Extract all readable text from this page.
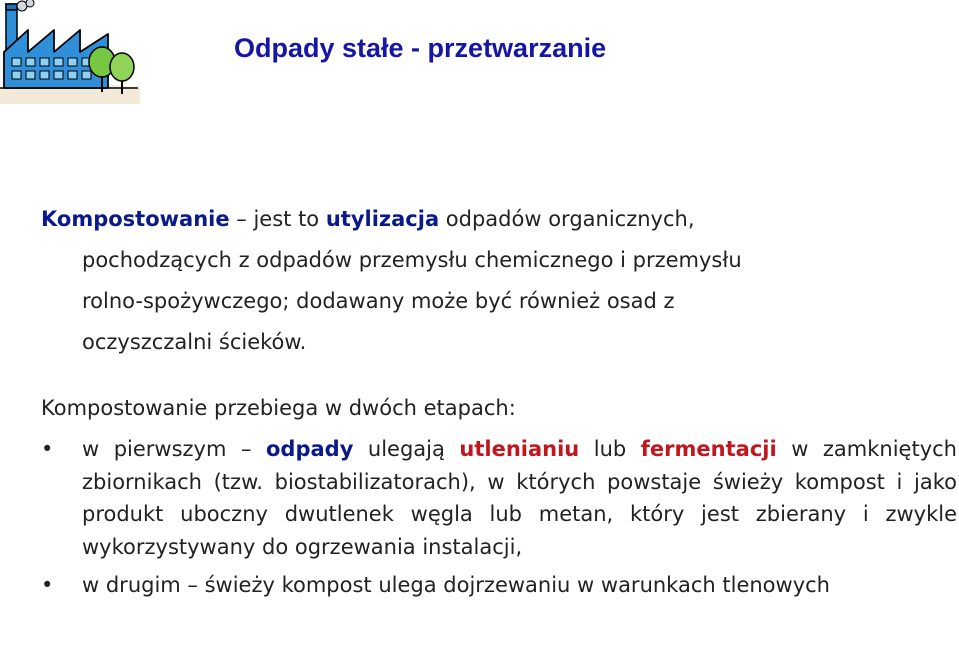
Odpady stałe - przetwarzanie
Kompostowanie – jest to utylizacja odpadów organicznych,
pochodzących z odpadów przemysłu chemicznego i przemysłu
rolno-spożywczego; dodawany może być również osad z
oczyszczalni ścieków.
Kompostowanie przebiega w dwóch etapach:
• w pierwszym – odpady ulegają utlenianiu lub fermentacji w zamkniętych zbiornikach (tzw. biostabilizatorach), w których powstaje świeży kompost i jako produkt uboczny dwutlenek węgla lub metan, który jest zbierany i zwykle wykorzystywany do ogrzewania instalacji,
• w drugim – świeży kompost ulega dojrzewaniu w warunkach tlenowych
